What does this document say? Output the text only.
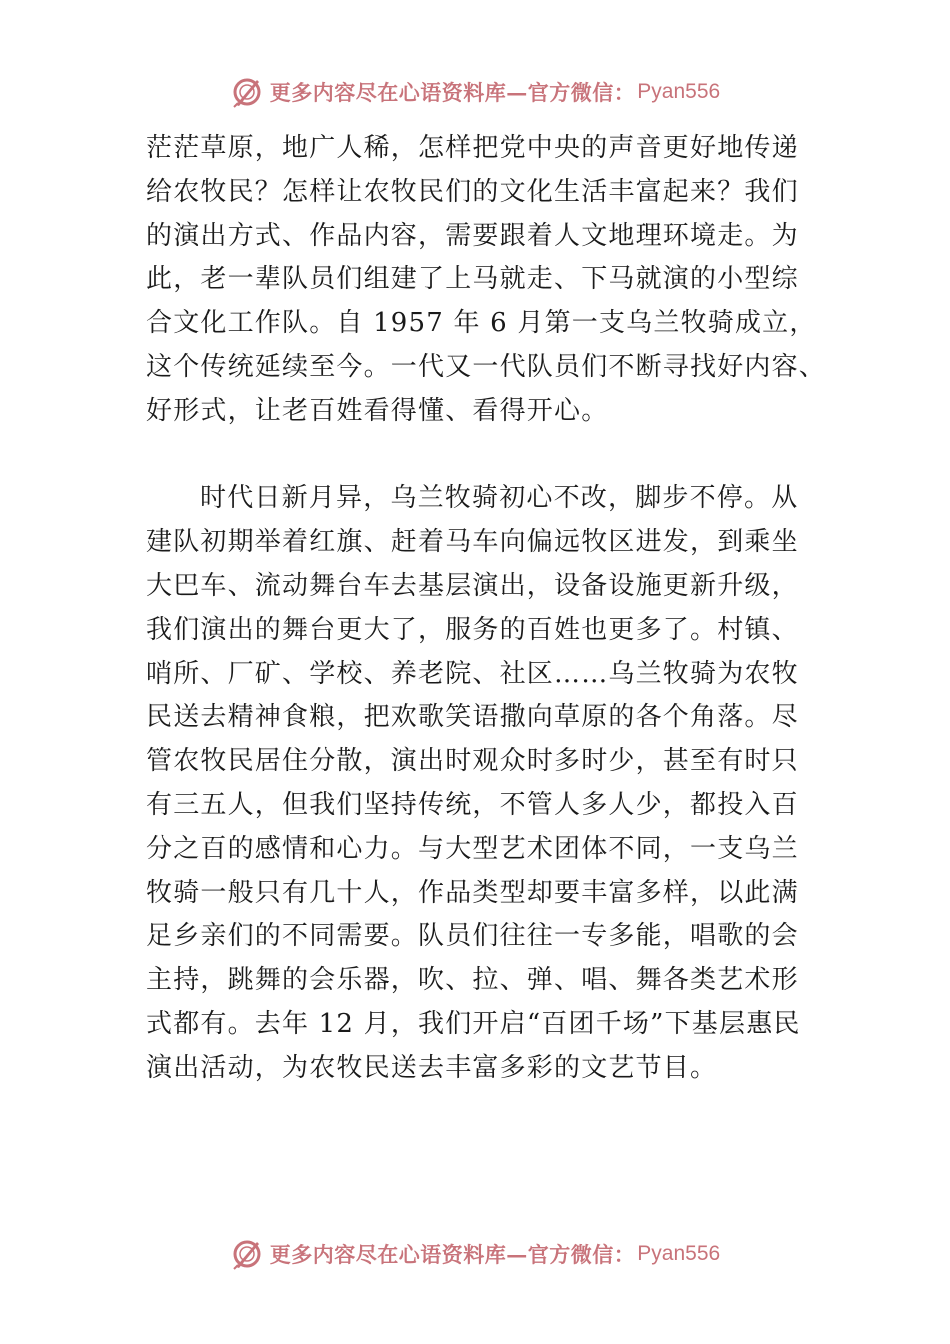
更多内容尽在心语资料库—官方微信： Pyan556
茫茫草原，地广人稀，怎样把党中央的声音更好地传递
给农牧民？怎样让农牧民们的文化生活丰富起来？我们
的演出方式、作品内容，需要跟着人文地理环境走。为
此，老一辈队员们组建了上马就走、下马就演的小型综
合文化工作队。自 1957 年 6 月第一支乌兰牧骑成立，
这个传统延续至今。一代又一代队员们不断寻找好内容、
好形式，让老百姓看得懂、看得开心。
时代日新月异，乌兰牧骑初心不改，脚步不停。从
建队初期举着红旗、赶着马车向偏远牧区进发，到乘坐
大巴车、流动舞台车去基层演出，设备设施更新升级，
我们演出的舞台更大了，服务的百姓也更多了。村镇、
哨所、厂矿、学校、养老院、社区……乌兰牧骑为农牧
民送去精神食粮，把欢歌笑语撒向草原的各个角落。尽
管农牧民居住分散，演出时观众时多时少，甚至有时只
有三五人，但我们坚持传统，不管人多人少，都投入百
分之百的感情和心力。与大型艺术团体不同，一支乌兰
牧骑一般只有几十人，作品类型却要丰富多样，以此满
足乡亲们的不同需要。队员们往往一专多能，唱歌的会
主持，跳舞的会乐器，吹、拉、弹、唱、舞各类艺术形
式都有。去年 12 月，我们开启“百团千场”下基层惠民
演出活动，为农牧民送去丰富多彩的文艺节目。
更多内容尽在心语资料库—官方微信： Pyan556
